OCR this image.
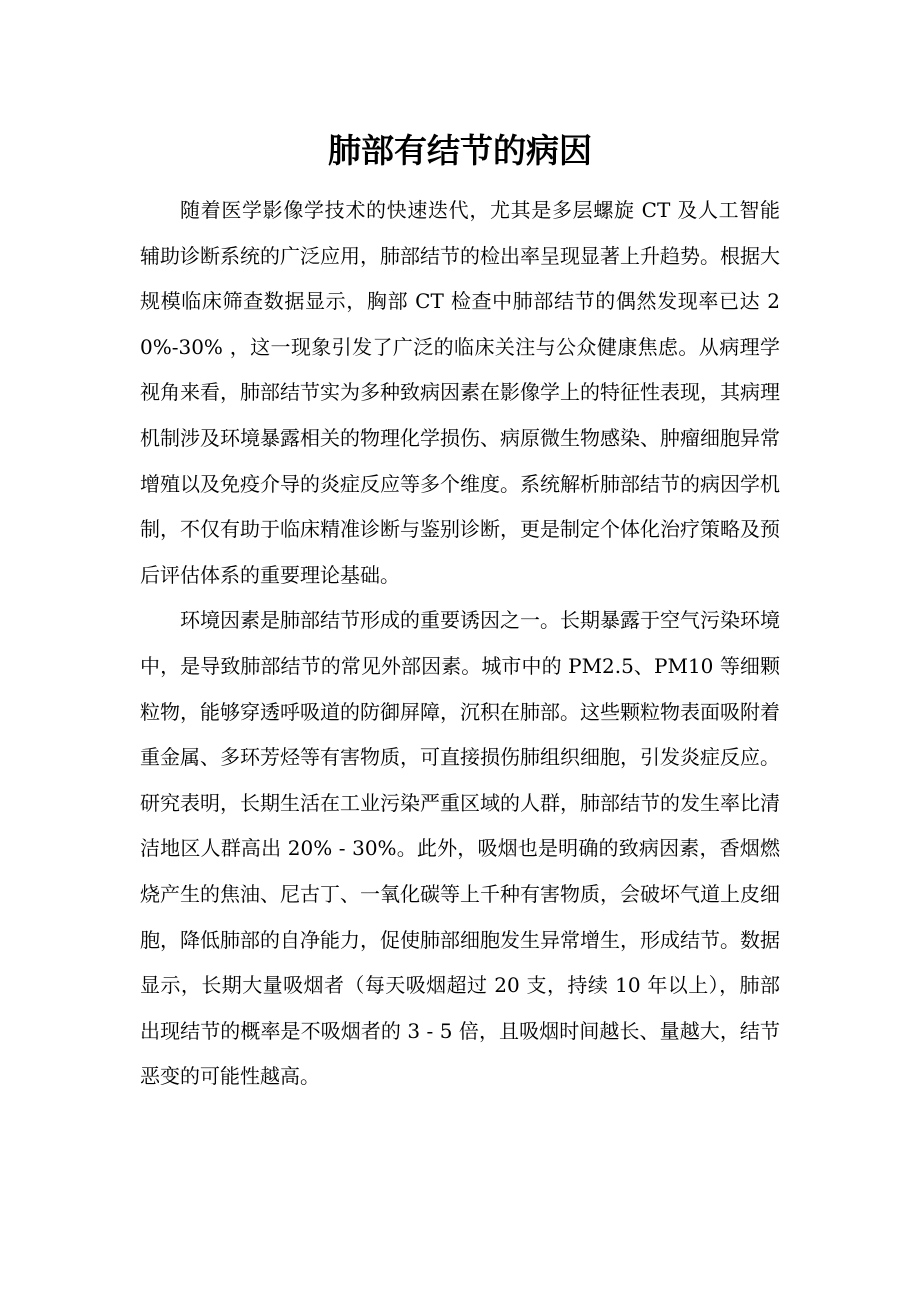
肺部有结节的病因

随着医学影像学技术的快速迭代，尤其是多层螺旋 CT 及人工智能辅助诊断系统的广泛应用，肺部结节的检出率呈现显著上升趋势。根据大规模临床筛查数据显示，胸部 CT 检查中肺部结节的偶然发现率已达 20%-30% ，这一现象引发了广泛的临床关注与公众健康焦虑。从病理学视角来看，肺部结节实为多种致病因素在影像学上的特征性表现，其病理机制涉及环境暴露相关的物理化学损伤、病原微生物感染、肿瘤细胞异常增殖以及免疫介导的炎症反应等多个维度。系统解析肺部结节的病因学机制，不仅有助于临床精准诊断与鉴别诊断，更是制定个体化治疗策略及预后评估体系的重要理论基础。

环境因素是肺部结节形成的重要诱因之一。长期暴露于空气污染环境中，是导致肺部结节的常见外部因素。城市中的 PM2.5、PM10 等细颗粒物，能够穿透呼吸道的防御屏障，沉积在肺部。这些颗粒物表面吸附着重金属、多环芳烃等有害物质，可直接损伤肺组织细胞，引发炎症反应。研究表明，长期生活在工业污染严重区域的人群，肺部结节的发生率比清洁地区人群高出 20% - 30%。此外，吸烟也是明确的致病因素，香烟燃烧产生的焦油、尼古丁、一氧化碳等上千种有害物质，会破坏气道上皮细胞，降低肺部的自净能力，促使肺部细胞发生异常增生，形成结节。数据显示，长期大量吸烟者（每天吸烟超过 20 支，持续 10 年以上），肺部出现结节的概率是不吸烟者的 3 - 5 倍，且吸烟时间越长、量越大，结节恶变的可能性越高。
